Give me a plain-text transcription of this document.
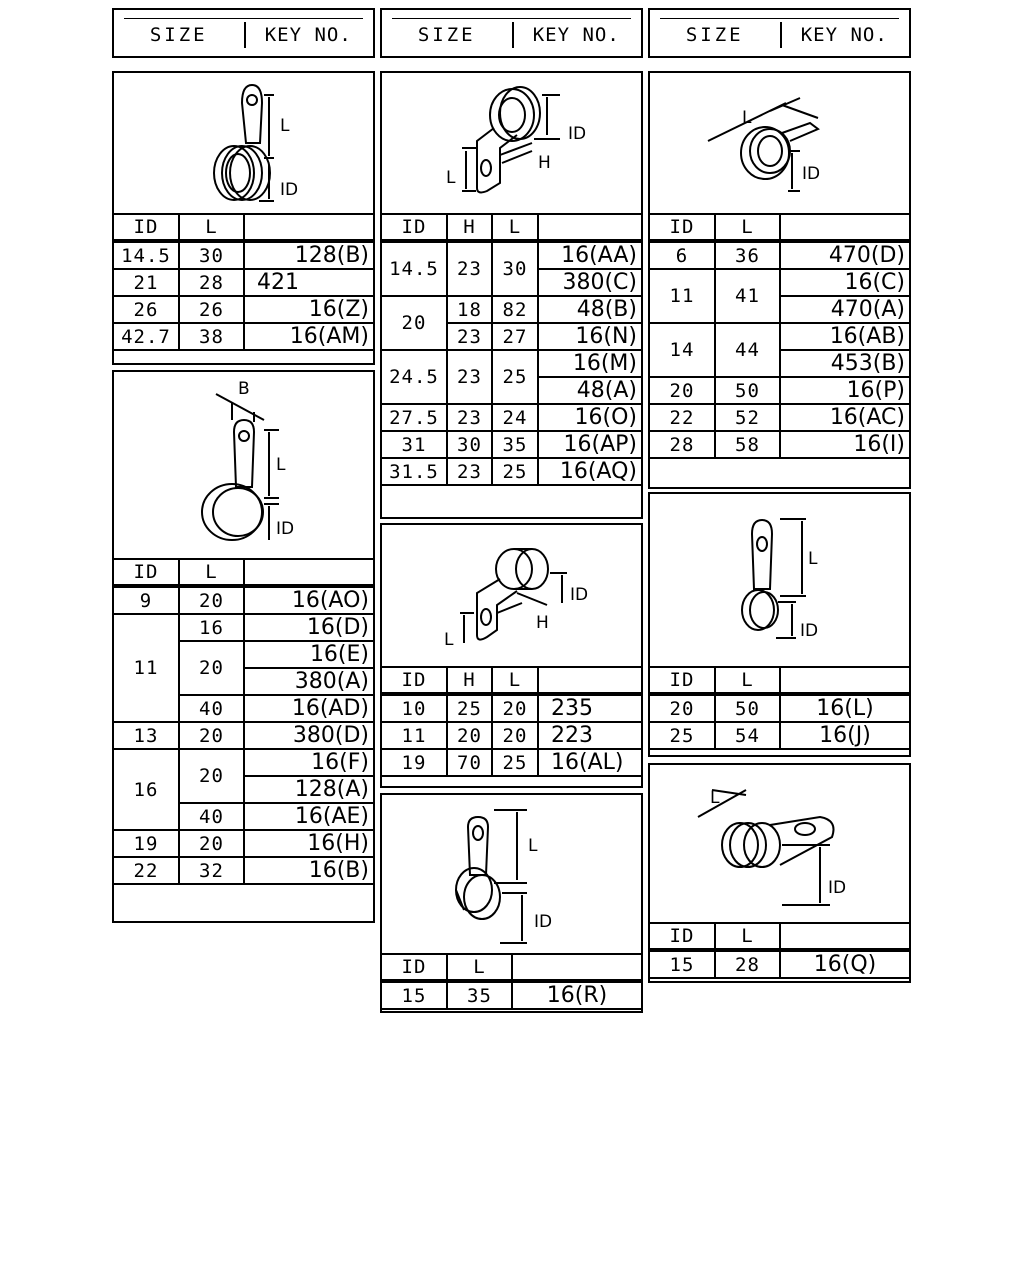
SIZE	KEY NO.	SIZE	KEY NO.	SIZE	KEY NO.
L
ID
ID	L	
14.5	30	128(B)
21	28	421
26	26	16(Z)
42.7	38	16(AM)
B
L
ID
ID	L	
9	20	16(AO)
11	16	16(D)
	20	16(E)
		380(A)
	40	16(AD)
13	20	380(D)
16	20	16(F)
		128(A)
	40	16(AE)
19	20	16(H)
22	32	16(B)
ID
H
L
ID	H	L	
14.5	23	30	16(AA)
			380(C)
20	18	82	48(B)
	23	27	16(N)
24.5	23	25	16(M)
			48(A)
27.5	23	24	16(O)
31	30	35	16(AP)
31.5	23	25	16(AQ)
ID
H
L
ID	H	L	
10	25	20	235
11	20	20	223
19	70	25	16(AL)
L
ID
ID	L	
15	35	16(R)
L
ID
ID	L	
6	36	470(D)
11	41	16(C)
		470(A)
14	44	16(AB)
		453(B)
20	50	16(P)
22	52	16(AC)
28	58	16(I)
L
ID
ID	L	
20	50	16(L)
25	54	16(J)
L
ID
ID	L	
15	28	16(Q)
